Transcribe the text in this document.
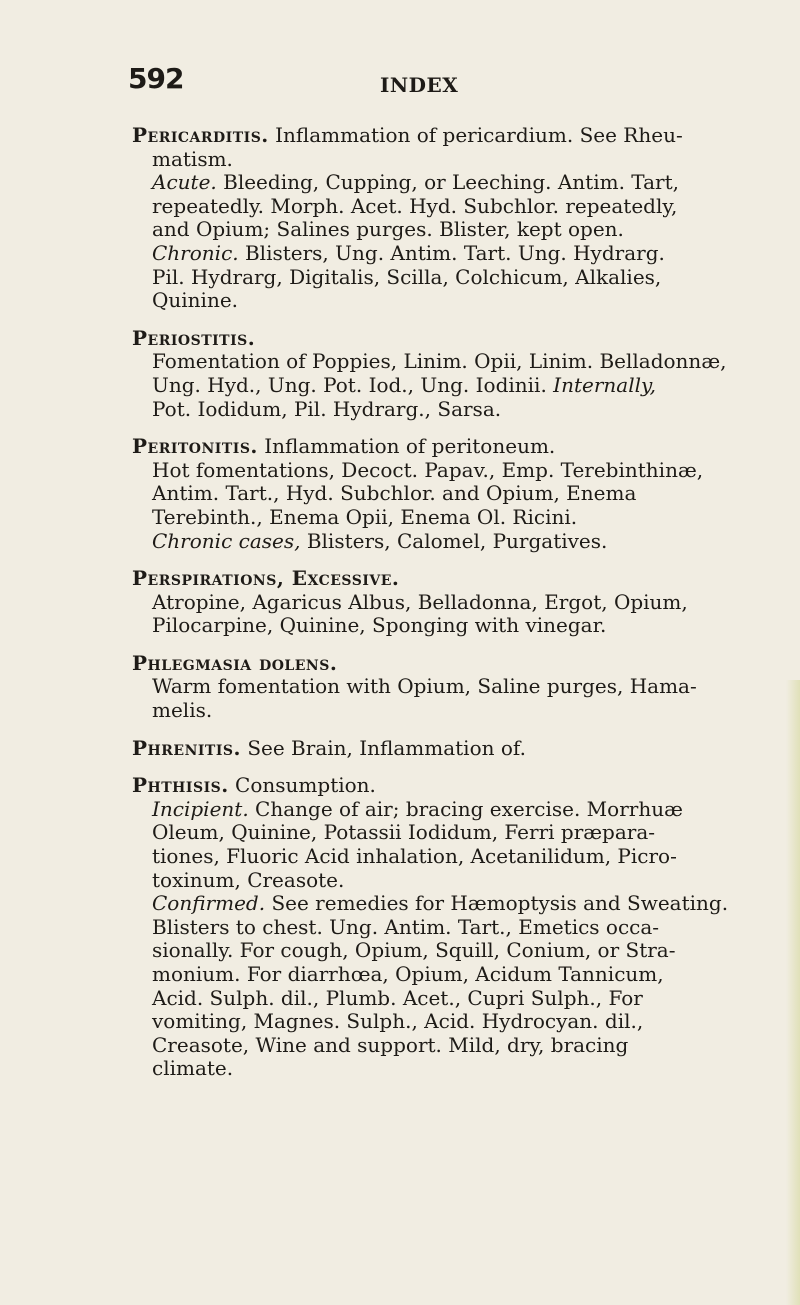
592	INDEX
Pericarditis. Inflammation of pericardium. See Rheu-
matism.
Acute. Bleeding, Cupping, or Leeching. Antim. Tart,
repeatedly. Morph. Acet. Hyd. Subchlor. repeatedly,
and Opium; Salines purges. Blister, kept open.
Chronic. Blisters, Ung. Antim. Tart. Ung. Hydrarg.
Pil. Hydrarg, Digitalis, Scilla, Colchicum, Alkalies,
Quinine.
Periostitis.
Fomentation of Poppies, Linim. Opii, Linim. Belladonnæ,
Ung. Hyd., Ung. Pot. Iod., Ung. Iodinii. Internally,
Pot. Iodidum, Pil. Hydrarg., Sarsa.
Peritonitis. Inflammation of peritoneum.
Hot fomentations, Decoct. Papav., Emp. Terebinthinæ,
Antim. Tart., Hyd. Subchlor. and Opium, Enema
Terebinth., Enema Opii, Enema Ol. Ricini.
Chronic cases, Blisters, Calomel, Purgatives.
Perspirations, Excessive.
Atropine, Agaricus Albus, Belladonna, Ergot, Opium,
Pilocarpine, Quinine, Sponging with vinegar.
Phlegmasia dolens.
Warm fomentation with Opium, Saline purges, Hama-
melis.
Phrenitis. See Brain, Inflammation of.
Phthisis. Consumption.
Incipient. Change of air; bracing exercise. Morrhuæ
Oleum, Quinine, Potassii Iodidum, Ferri præpara-
tiones, Fluoric Acid inhalation, Acetanilidum, Picro-
toxinum, Creasote.
Confirmed. See remedies for Hæmoptysis and Sweating.
Blisters to chest. Ung. Antim. Tart., Emetics occa-
sionally. For cough, Opium, Squill, Conium, or Stra-
monium. For diarrhœa, Opium, Acidum Tannicum,
Acid. Sulph. dil., Plumb. Acet., Cupri Sulph., For
vomiting, Magnes. Sulph., Acid. Hydrocyan. dil.,
Creasote, Wine and support. Mild, dry, bracing
climate.
